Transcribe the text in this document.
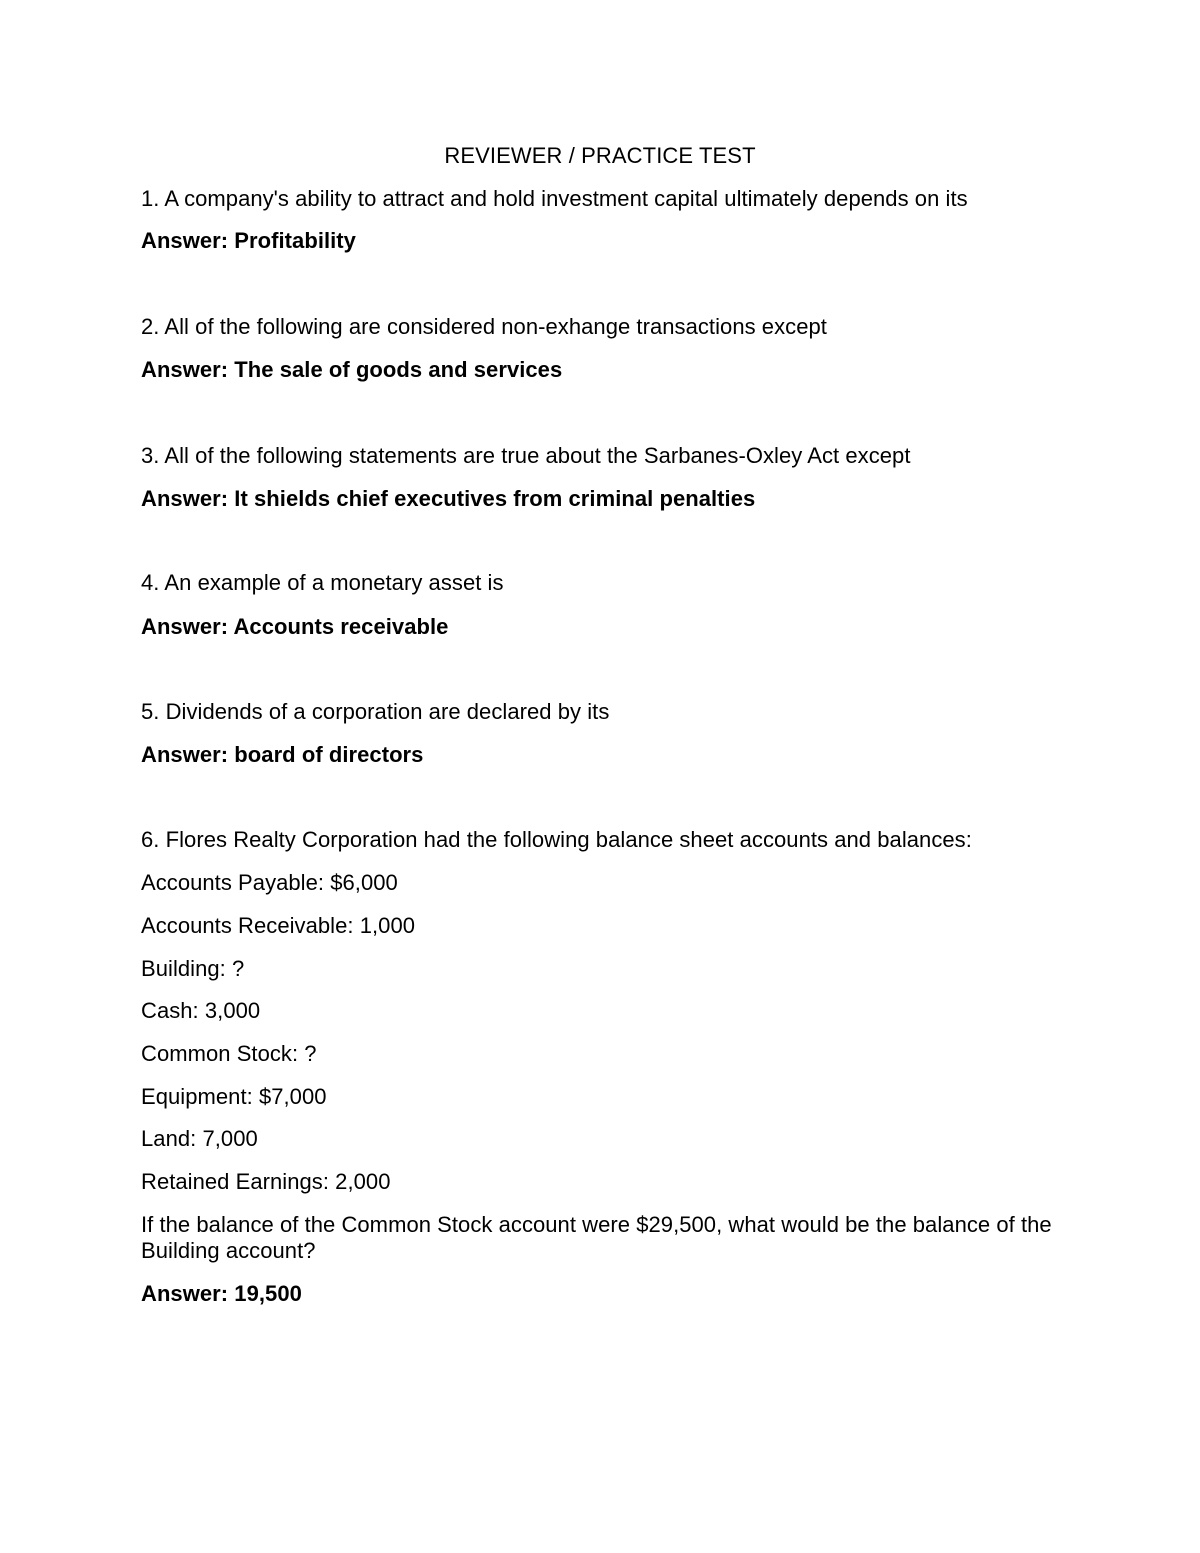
REVIEWER / PRACTICE TEST
1. A company's ability to attract and hold investment capital ultimately depends on its
Answer: Profitability
2. All of the following are considered non-exhange transactions except
Answer: The sale of goods and services
3. All of the following statements are true about the Sarbanes-Oxley Act except
Answer: It shields chief executives from criminal penalties
4. An example of a monetary asset is
Answer: Accounts receivable
5. Dividends of a corporation are declared by its
Answer: board of directors
6. Flores Realty Corporation had the following balance sheet accounts and balances:
Accounts Payable: $6,000
Accounts Receivable: 1,000
Building: ?
Cash: 3,000
Common Stock: ?
Equipment: $7,000
Land: 7,000
Retained Earnings: 2,000
If the balance of the Common Stock account were $29,500, what would be the balance of the Building account?
Answer: 19,500
